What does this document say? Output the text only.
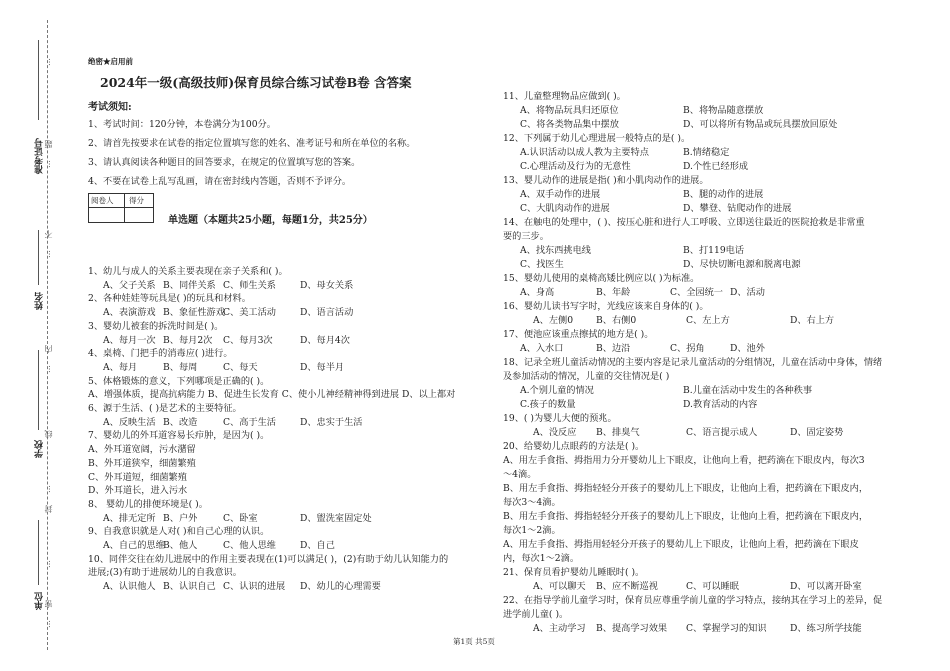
…
题
…
不
…
内
…
线
…
封
…
密
…
准考证号
姓名
学校
单位
绝密★启用前
2024年一级(高级技师)保育员综合练习试卷B卷 含答案
考试须知:
1、考试时间：120分钟，本卷满分为100分。
2、请首先按要求在试卷的指定位置填写您的姓名、准考证号和所在单位的名称。
3、请认真阅读各种题目的回答要求，在规定的位置填写您的答案。
4、不要在试卷上乱写乱画，请在密封线内答题，否则不予评分。
阅卷人 得分
单选题（本题共25小题，每题1分，共25分）
1、幼儿与成人的关系主要表现在亲子关系和( )。
A、父子关系 B、同伴关系 C、师生关系	D、母女关系
2、各种娃娃等玩具是( )的玩具和材料。
A、表演游戏 B、象征性游戏
C、美工活动	D、语言活动
3、婴幼儿被套的拆洗时间是( )。
A、每月一次 B、每月2次 C、每月3次	D、每月4次
4、桌椅、门把手的消毒应( )进行。
A、每月	B、每周	C、每天	D、每半月
5、体格锻炼的意义，下列哪项是正确的( )。
A、增强体质，提高抗病能力 B、促进生长发育 C、使小儿神经精神得到进展 D、以上都对
6、源于生活、( )是艺术的主要特征。
A、反映生活 B、改造	C、高于生活	D、忠实于生活
7、婴幼儿的外耳道容易长疖肿，是因为( )。
A、外耳道宽阔，污水潴留
B、外耳道狭窄，细菌繁殖
C、外耳道短，细菌繁殖
D、外耳道长，进入污水
8、 婴幼儿的排便环境是( )。
A、排无定所 B、户外	C、卧室	D、盥洗室固定处
9、自我意识就是人对( )和自己心理的认识。
A、自己的思维
B、他人	C、他人思维	D、自己
10、同伴交往在幼儿进展中的作用主要表现在(1)可以满足( )，(2)有助于幼儿认知能力的
进展;(3)有助于进展幼儿的自我意识。
A、认识他人 B、认识自己 C、认识的进展 D、幼儿的心理需要
11、儿童整理物品应做到( )。
A、将物品玩具归还原位	B、将物品随意摆放
C、将各类物品集中摆放	D、可以将所有物品或玩具摆放回原处
12、下列属于幼儿心理进展一般特点的是( )。
A.认识活动以成人教为主要特点	B.情绪稳定
C.心理活动及行为的无意性	D.个性已经形成
13、婴儿动作的进展是指( )和小肌肉动作的进展。
A、双手动作的进展	B、腿的动作的进展
C、大肌肉动作的进展	D、攀登、钻爬动作的进展
14、在触电的处理中，( )、按压心脏和进行人工呼吸、立即送往最近的医院抢救是非常重
要的三步。
A、找东西挑电线	B、打119电话
C、找医生	D、尽快切断电源和脱离电源
15、婴幼儿使用的桌椅高矮比例应以( )为标准。
A、身高	B、年龄	C、全园统一 D、活动
16、婴幼儿读书写字时，光线应该来自身体的( )。
A、左侧0 B、右侧0	C、左上方	D、右上方
17、便池应该重点擦拭的地方是( )。
A、入水口	B、边沿	C、拐角	D、池外
18、记录全班儿童活动情况的主要内容是记录儿童活动的分组情况，儿童在活动中身体，情绪
及参加活动的情况，儿童的交往情况是( )
A.个别儿童的情况	B.儿童在活动中发生的各种秩事
C.孩子的数量	D.教育活动的内容
19、( )为婴儿大便的预兆。
A、没反应 B、排臭气	C、语言提示成人	D、固定姿势
20、给婴幼儿点眼药的方法是( )。
A、用左手食指、拇指用力分开婴幼儿上下眼皮，让他向上看，把药滴在下眼皮内，每次3
～4滴。
B、用左手食指、拇指轻轻分开孩子的婴幼儿上下眼皮，让他向上看，把药滴在下眼皮内，
每次3～4滴。
B、用左手食指、拇指轻轻分开孩子的婴幼儿上下眼皮，让他向上看，把药滴在下眼皮内，
每次1～2滴。
A、用左手食指、拇指用轻轻分开孩子的婴幼儿上下眼皮，让他向上看，把药滴在下眼皮
内，每次1～2滴。
21、保育员看护婴幼儿睡眠时( )。
A、可以聊天 B、应不断巡视	C、可以睡眠	D、可以离开卧室
22、在指导学前儿童学习时，保育员应尊重学前儿童的学习特点，接纳其在学习上的差异，促
进学前儿童( )。
A、主动学习 B、提高学习效果 C、掌握学习的知识	D、练习所学技能
第1页 共5页
